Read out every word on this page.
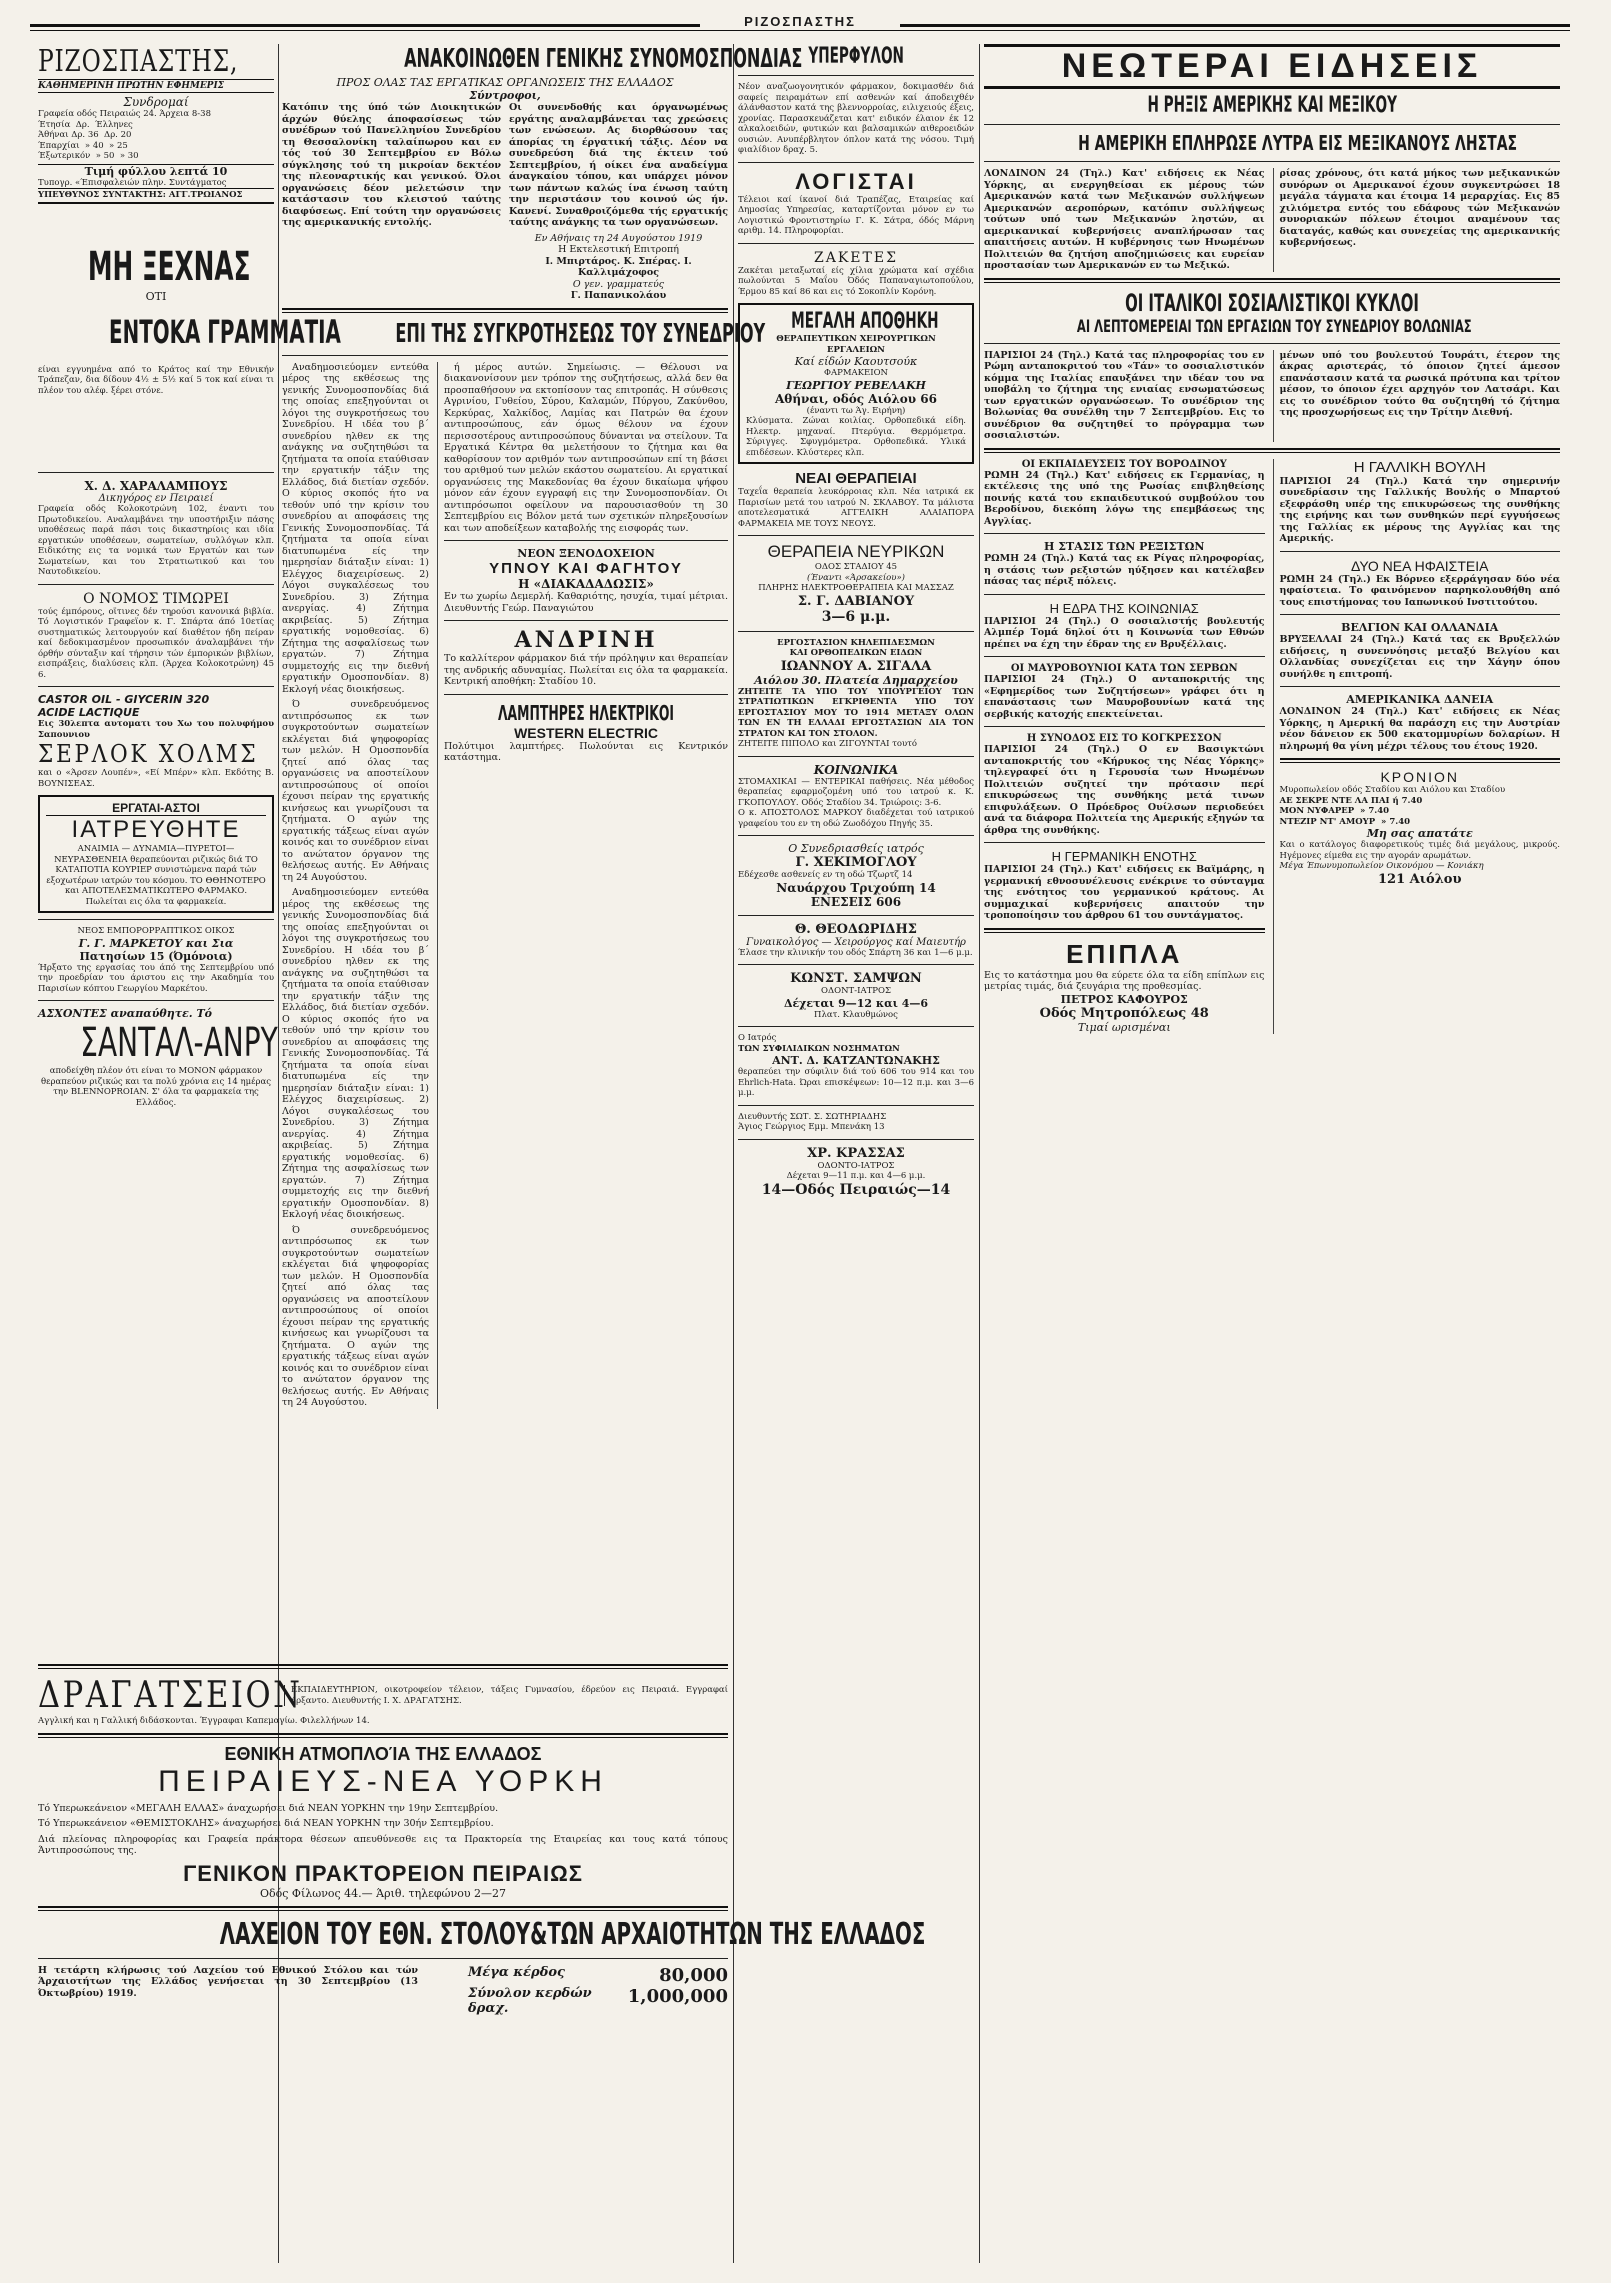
ΡΙΖΟΣΠΑΣΤΗΣ
ΡΙΖΟΣΠΑΣΤΗΣ,
ΚΑΘΗΜΕΡΙΝΗ ΠΡΩΤΗΝ ΕΦΗΜΕΡΙΣ
Συνδρομαί
Γραφεία οδός Πειραιώς 24. Άρχεια 8-38
Έτησία  Δρ.  Έλληνες
Άθήναι Δρ. 36  Δρ. 20
Έπαρχίαι  » 40  » 25
Έξωτερικόν  » 50  » 30
Τιμή φύλλου λεπτά 10
Τυπογρ. «Έπισφαλειών πλην. Συντάγματος
ΥΠΕΥΘΥΝΟΣ ΣΥΝΤΑΚΤΗΣ: ΑΓΓ.ΤΡΩΙΑΝΟΣ
ΜΗ ΞΕΧΝΑΣ
ΟΤΙ
ΕΝΤΟΚΑ ΓΡΑΜΜΑΤΙΑ
είναι εγγυημένα από το Κράτος καί την Εθνικήν Τράπεζαν, δια δίδουν 4½ ± 5½ καί 5 τοκ καί είναι τι πλέον του αλέφ. ξέρει στόνε.
Χ. Δ. ΧΑΡΑΛΑΜΠΟΥΣ
Δικηγόρος εν Πειραιεί
Γραφεία οδός Κολοκοτρώνη 102, έναντι του Πρωτοδικείου. Αναλαμβάνει την υποστήριξιν πάσης υποθέσεως παρά πάσι τοις δικαστηρίοις και ιδία εργατικών υποθέσεων, σωματείων, συλλόγων κλπ. Ειδικότης εις τα νομικά των Εργατών και των Σωματείων, και του Στρατιωτικού και του Ναυτοδικείου.
Ο ΝΟΜΟΣ ΤΙΜΩΡΕΙ
τούς έμπόρους, οϊτινες δέν τηρούσι κανονικά βιβλία. Τό Λογιστικόν Γραφεϊον κ. Γ. Σπάρτα άπό 10ετίας συστηματικώς λειτουργούν καί διαθέτον ήδη πείραν καί δεδοκιμασμένον προσωπικόν άναλαμβάνει τήν όρθήν σύνταξιν καί τήρησιν τών έμπορικών βιβλίων, εισπράξεις, διαλύσεις κλπ. (Άρχεα Κολοκοτρώνη) 45 6.
CASTOR OIL - GIYCERIN 320
ACIDE LACTIQUE
Εις 30λεπτα αυτοματι του Χω του πολυφήμου Σαπουνιου
ΣΕΡΛΟΚ ΧΟΛΜΣ
και ο «Άρσεν Λουπέν», «Εί Μπέρν» κλπ. Εκδότης Β. ΒΟΥΝΙΣΕΑΣ.
ΕΡΓΑΤΑΙ-ΑΣΤΟΙ
ΙΑΤΡΕΥΘΗΤΕ
ΑΝΑΙΜΙΑ — ΔΥΝΑΜΙΑ—ΠΥΡΕΤΟΙ—ΝΕΥΡΑΣΘΕΝΕΙΑ θεραπεύονται ριζικώς διά ΤΟ ΚΑΤΑΠΟΤΙΑ ΚΟΥΡΙΕΡ συνιστώμενα παρά τών εξοχωτέρων ιατρών του κόσμου. ΤΟ ΘΘΗΝΟΤΕΡΟ και ΑΠΟΤΕΛΕΣΜΑΤΙΚΩΤΕΡΟ ΦΑΡΜΑΚΟ. Πωλείται εις όλα τα φαρμακεία.
ΝΕΟΣ ΕΜΠΟΡΟΡΡΑΠΤΙΚΟΣ ΟΙΚΟΣ
Γ. Γ. ΜΑΡΚΕΤΟΥ και Σια
Πατησίων 15 (Όμόνοια)
Ήρξατο της εργασίας του άπό της Σεπτεμβρίου υπό την προεδρίαν του άριστου εις την Ακαδημία του Παρισίων κόπτου Γεωργίου Μαρκέτου.
ΑΣΧΟΝΤΕΣ αναπαύθητε. Τό
ΣΑΝΤΑΛ-ΑΝΡΥ
αποδείχθη πλέον ότι είναι το ΜΟΝΟΝ φάρμακον θεραπεύον ριζικώς και τα πολύ χρόνια εις 14 ημέρας την BLENNOPROIAN. Σ' όλα τα φαρμακεία της Ελλάδος.
ΔΡΑΓΑΤΣΕΙΟΝ
ΕΚΠΑΙΔΕΥΤΗΡΙΟΝ, οικοτροφείον τέλειον, τάξεις Γυμνασίου, έδρεύον εις Πειραιά. Εγγραφαί ήρξαντο. Διευθυντής Ι. Χ. ΔΡΑΓΑΤΣΗΣ.
Αγγλική και η Γαλλική διδάσκονται. Έγγραφαι Καπεμαγίω. Φιλελλήνων 14.
ΕΘΝΙΚΗ ΑΤΜΟΠΛΟΊΑ ΤΗΣ ΕΛΛΑΔΟΣ
ΠΕΙΡΑΙΕΥΣ-ΝΕΑ ΥΟΡΚΗ
Τό Υπερωκεάνειον «ΜΕΓΑΛΗ ΕΛΛΑΣ» άναχωρήσει διά ΝΕΑΝ ΥΟΡΚΗΝ την 19ην Σεπτεμβρίου.
Τό Υπερωκεάνειον «ΘΕΜΙΣΤΟΚΛΗΣ» άναχωρήσει διά ΝΕΑΝ ΥΟΡΚΗΝ την 30ήν Σεπτεμβρίου.
Διά πλείονας πληροφορίας και Γραφεία πράκτορα θέσεων απευθύνεσθε εις τα Πρακτορεία της Εταιρείας και τους κατά τόπους Άντιπροσώπους της.
ΓΕΝΙΚΟΝ ΠΡΑΚΤΟΡΕΙΟΝ ΠΕΙΡΑΙΩΣ
Οδός Φίλωνος 44.— Άριθ. τηλεφώνου 2—27
ΛΑΧΕΙΟΝ ΤΟΥ ΕΘΝ. ΣΤΟΛΟΥ&ΤΩΝ ΑΡΧΑΙΟΤΗΤΩΝ ΤΗΣ ΕΛΛΑΔΟΣ
Η τετάρτη κλήρωσις τού Λαχείου τού Εθνικού Στόλου και τών Άρχαιοτήτων της Ελλάδος γενήσεται τη 30 Σεπτεμβρίου (13 Όκτωβρίου) 1919.
Μέγα κέρδος	80,000
Σύνολον κερδών δραχ.
1,000,000
ΑΝΑΚΟΙΝΩΘΕΝ ΓΕΝΙΚΗΣ ΣΥΝΟΜΟΣΠΟΝΔΙΑΣ
ΠΡΟΣ ΟΛΑΣ ΤΑΣ ΕΡΓΑΤΙΚΑΣ ΟΡΓΑΝΩΣΕΙΣ ΤΗΣ ΕΛΛΑΔΟΣ
Σύντροφοι,
Κατόπιν της ύπό τών Διοικητικών άρχών θύελης άποφασίσεως τών συνέδρων τού Πανελληνίου Συνεδρίου τη Θεσσαλονίκη ταλαίπωρου και εν τός τού 30 Σεπτεμβρίου εν Βόλω σύγκλησης τού τη μικροίαν δεκτέον της πλεοναρτικής και γενικού. Όλοι οργανώσεις δέον μελετώσιν την κατάστασιν του κλειστού ταύτης διαφύσεως. Επί τούτη την οργανώσεις της αμερικανικής εντολής.
Οι συνενδοθής και όργανωμένως εργάτης αναλαμβάνεται τας χρεώσεις των ενώσεων. Ας διορθώσουν τας άπορίας τη έργατική τάξις. Δέον να συνεδρεύση διά της έκτειν τού Σεπτεμβρίου, ή οίκει ένα αναδείγμα άναγκαίου τόπου, και υπάρχει μόνον των πάντων καλώς ίνα ένωση ταύτη την περιστάσιν του κοινού ώς ήν. Κανενί. Συναθροιζόμεθα τής εργατικής ταύτης ανάγκης τα των οργανώσεων.
Εν Αθήναις τη 24 Αυγούστου 1919
Η Εκτελεστική Επιτροπή
Ι. Μπιρτάρος. Κ. Σπέρας. Ι. Καλλιμάχοφος
Ο γεν. γραμματεύς
Γ. Παπανικολάου
ΕΠΙ ΤΗΣ ΣΥΓΚΡΟΤΗΣΕΩΣ ΤΟΥ ΣΥΝΕΔΡΙΟΥ
Αναδημοσιεύομεν εντεύθα μέρος της εκθέσεως της γενικής Συνομοσπονδίας διά της οποίας επεξηγούνται οι λόγοι της συγκροτήσεως του Συνεδρίου. Η ιδέα του β΄ συνεδρίου ηλθεν εκ της ανάγκης να συζητηθώσι τα ζητήματα τα οποία εταύθισαν την εργατικήν τάξιν της Ελλάδος, διά διετίαν σχεδόν. Ο κύριος σκοπός ήτο να τεθούν υπό την κρίσιν του συνεδρίου αι αποφάσεις της Γενικής Συνομοσπονδίας. Τά ζητήματα τα οποία είναι διατυπωμένα είς την ημερησίαν διάταξιν είναι: 1) Ελέγχος διαχειρίσεως. 2) Λόγοι συγκαλέσεως του Συνεδρίου. 3) Ζήτημα ανεργίας. 4) Ζήτημα ακριβείας. 5) Ζήτημα εργατικής νομοθεσίας. 6) Ζήτημα της ασφαλίσεως των εργατών. 7) Ζήτημα συμμετοχής εις την διεθνή εργατικήν Ομοσπονδίαν. 8) Εκλογή νέας διοικήσεως.
Ό συνεδρευόμενος αντιπρόσωπος εκ των συγκροτούντων σωματείων εκλέγεται διά ψηφοφορίας των μελών. Η Ομοσπονδία ζητεί από όλας τας οργανώσεις να αποστείλουν αντιπροσώπους οί οποίοι έχουσι πείραν της εργατικής κινήσεως και γνωρίζουσι τα ζητήματα. Ο αγών της εργατικής τάξεως είναι αγών κοινός και το συνέδριον είναι το ανώτατον όργανον της θελήσεως αυτής. Εν Αθήναις τη 24 Αυγούστου.
Αναδημοσιεύομεν εντεύθα μέρος της εκθέσεως της γενικής Συνομοσπονδίας διά της οποίας επεξηγούνται οι λόγοι της συγκροτήσεως του Συνεδρίου. Η ιδέα του β΄ συνεδρίου ηλθεν εκ της ανάγκης να συζητηθώσι τα ζητήματα τα οποία εταύθισαν την εργατικήν τάξιν της Ελλάδος, διά διετίαν σχεδόν. Ο κύριος σκοπός ήτο να τεθούν υπό την κρίσιν του συνεδρίου αι αποφάσεις της Γενικής Συνομοσπονδίας. Τά ζητήματα τα οποία είναι διατυπωμένα είς την ημερησίαν διάταξιν είναι: 1) Ελέγχος διαχειρίσεως. 2) Λόγοι συγκαλέσεως του Συνεδρίου. 3) Ζήτημα ανεργίας. 4) Ζήτημα ακριβείας. 5) Ζήτημα εργατικής νομοθεσίας. 6) Ζήτημα της ασφαλίσεως των εργατών. 7) Ζήτημα συμμετοχής εις την διεθνή εργατικήν Ομοσπονδίαν. 8) Εκλογή νέας διοικήσεως.
Ό συνεδρευόμενος αντιπρόσωπος εκ των συγκροτούντων σωματείων εκλέγεται διά ψηφοφορίας των μελών. Η Ομοσπονδία ζητεί από όλας τας οργανώσεις να αποστείλουν αντιπροσώπους οί οποίοι έχουσι πείραν της εργατικής κινήσεως και γνωρίζουσι τα ζητήματα. Ο αγών της εργατικής τάξεως είναι αγών κοινός και το συνέδριον είναι το ανώτατον όργανον της θελήσεως αυτής. Εν Αθήναις τη 24 Αυγούστου.
ή μέρος αυτών. Σημείωσις. — Θέλουσι να διακανονίσουν μεν τρόπον της συζητήσεως, αλλά δεν θα προσπαθήσουν να εκτοπίσουν τας επιτροπάς. Η σύνθεσις Αγρινίου, Γυθείου, Σύρου, Καλαμών, Πύργου, Ζακύνθου, Κερκύρας, Χαλκίδος, Λαμίας και Πατρών θα έχουν αντιπροσώπους, εάν όμως θέλουν να έχουν περισσοτέρους αντιπροσώπους δύνανται να στείλουν. Τα Εργατικά Κέντρα θα μελετήσουν το ζήτημα και θα καθορίσουν τον αριθμόν των αντιπροσώπων επί τη βάσει του αριθμού των μελών εκάστου σωματείου. Αι εργατικαί οργανώσεις της Μακεδονίας θα έχουν δικαίωμα ψήφου μόνον εάν έχουν εγγραφή εις την Συνομοσπονδίαν. Οι αντιπρόσωποι οφείλουν να παρουσιασθούν τη 30 Σεπτεμβρίου εις Βόλον μετά των σχετικών πληρεξουσίων και των αποδείξεων καταβολής της εισφοράς των.
ΝΕΟΝ ΞΕΝΟΔΟΧΕΙΟΝ
ΥΠΝΟΥ ΚΑΙ ΦΑΓΗΤΟΥ
Η «ΔΙΑΚΑΔΑΔΩΣΙΣ»
Εν τω χωρίω Δεμερλή. Καθαριότης, ησυχία, τιμαί μέτριαι. Διευθυντής Γεώρ. Παναγιώτου
ΑΝΔΡΙΝΗ
Το καλλίτερον φάρμακον διά τήν πρόληψιν και θεραπείαν της ανδρικής αδυναμίας. Πωλείται εις όλα τα φαρμακεία. Κεντρική αποθήκη: Σταδίου 10.
ΛΑΜΠΤΗΡΕΣ ΗΛΕΚΤΡΙΚΟΙ
WESTERN ELECTRIC
Πολύτιμοι λαμπτήρες. Πωλούνται εις Κεντρικόν κατάστημα.
ΥΠΕΡΦΥΛΟΝ
Νέον αναζωογονητικόν φάρμακον, δοκιμασθέν διά σαφείς πειραμάτων επί ασθενών καί άποδειχθέν άλάνθαστον κατά της βλεννορροίας, ειλιχειούς έξεις, χρονίας. Παρασκευάζεται κατ' ειδικόν έλαιον έκ 12 αλκαλοειδών, φυτικών και βαλσαμικών αιθεροειδών ουσιών. Ανυπέρβλητον όπλον κατά της νόσου. Τιμή φιαλίδιον δραχ. 5.
ΛΟΓΙΣΤΑΙ
Τέλειοι καί ίκανοί διά Τραπέζας, Εταιρείας καί Δημοσίας Υπηρεσίας, καταρτίζονται μόνον εν τω Λογιστικώ Φροντιστηρίω Γ. Κ. Σάτρα, όδός Μάρνη αριθμ. 14. Πληροφορίαι.
ΖΑΚΕΤΕΣ
Ζακέται μεταξωταί είς χίλια χρώματα καί σχέδια πωλούνται 5 Μαΐου Όδός Παπαναγιωτοπούλου, Έρμου 85 καί 86 και εις τό Σοκοπλίν Κορόνη.
ΜΕΓΑΛΗ ΑΠΟΘΗΚΗ
ΘΕΡΑΠΕΥΤΙΚΩΝ ΧΕΙΡΟΥΡΓΙΚΩΝ ΕΡΓΑΛΕΙΩΝ
Καί είδών Καουτσούκ
ΦΑΡΜΑΚΕΙΟΝ
ΓΕΩΡΓΙΟΥ ΡΕΒΕΛΑΚΗ
Αθήναι, οδός Αιόλου 66
(έναντι τω Άγ. Ειρήνη)
Κλύσματα. Ζώναι κοιλίας. Ορθοπεδικά είδη. Ηλεκτρ. μηχαναί. Πτερύγια. Θερμόμετρα. Σύριγγες. Σφυγμόμετρα. Ορθοπεδικά. Υλικά επιδέσεων. Κλύστερες κλπ.
ΝΕΑΙ ΘΕΡΑΠΕΙΑΙ
Ταχεΐα θεραπεία λευκόρροιας κλπ. Νέα ιατρικά εκ Παρισίων μετά του ιατρού Ν. ΣΚΛΑΒΟΥ. Τα μάλιστα αποτελεσματικά ΑΓΓΕΛΙΚΗ ΑΛΑΙΑΠΟΡΑ ΦΑΡΜΑΚΕΙΑ ΜΕ ΤΟΥΣ ΝΕΟΥΣ.
ΘΕΡΑΠΕΙΑ ΝΕΥΡΙΚΩΝ
ΟΔΟΣ ΣΤΑΔΙΟΥ 45
(Έναντι «Άρσακείου»)
ΠΛΗΡΗΣ ΗΛΕΚΤΡΟΘΕΡΑΠΕΙΑ ΚΑΙ ΜΑΣΣΑΖ
Σ. Γ. ΔΑΒΙΑΝΟΥ
3—6 μ.μ.
ΕΡΓΟΣΤΑΣΙΟΝ ΚΗΛΕΠΙΔΕΣΜΩΝ
ΚΑΙ ΟΡΘΟΠΕΔΙΚΩΝ ΕΙΔΩΝ
ΙΩΑΝΝΟΥ Α. ΣΙΓΑΛΑ
Αιόλου 30. Πλατεία Δημαρχείου
ΖΗΤΕΙΤΕ ΤΑ ΥΠΟ ΤΟΥ ΥΠΟΥΡΓΕΙΟΥ ΤΩΝ ΣΤΡΑΤΙΩΤΙΚΩΝ ΕΓΚΡΙΘΕΝΤΑ ΥΠΟ ΤΟΥ ΕΡΓΟΣΤΑΣΙΟΥ ΜΟΥ ΤΟ 1914 ΜΕΤΑΞΥ ΟΛΩΝ ΤΩΝ ΕΝ ΤΗ ΕΛΛΑΔΙ ΕΡΓΟΣΤΑΣΙΩΝ ΔΙΑ ΤΟΝ ΣΤΡΑΤΟΝ ΚΑΙ ΤΟΝ ΣΤΟΛΟΝ.
ΖΗΤΕΙΤΕ ΠΙΠΟΛΟ και ΖΙΓΟΥΝΤΑΙ τουτό
ΚΟΙΝΩΝΙΚΑ
ΣΤΟΜΑΧΙΚΑΙ — ΕΝΤΕΡΙΚΑΙ παθήσεις. Νέα μέθοδος θεραπείας εφαρμοζομένη υπό του ιατρού κ. Κ. ΓΚΟΠΟΥΛΟΥ. Οδός Σταδίου 34. Τριώροις: 3-6.
Ο κ. ΑΠΟΣΤΟΛΟΣ ΜΑΡΚΟΥ διαδέχεται τού ιατρικού γραφείου του εν τη οδώ Ζωοδόχου Πηγής 35.
Ο Συνεδριασθείς ιατρός
Γ. ΧΕΚΙΜΟΓΛΟΥ
Εδέχεσθε ασθενείς εν τη οδώ Τζωρτζ 14
Ναυάρχου Τριχούπη 14
ΕΝΕΣΕΙΣ 606
Θ. ΘΕΟΔΩΡΙΔΗΣ
Γυναικολόγος — Χειρούργος καί Μαιευτήρ
Έλασε την κλινικήν του οδός Σπάρτη 36 και 1—6 μ.μ.
ΚΩΝΣΤ. ΣΑΜΨΩΝ
ΟΔΟΝΤ-ΙΑΤΡΟΣ
Δέχεται 9—12 και 4—6
Πλατ. Κλαυθμώνος
Ο Ιατρός
ΤΩΝ ΣΥΦΙΛΙΔΙΚΩΝ ΝΟΣΗΜΑΤΩΝ
ΑΝΤ. Δ. ΚΑΤΖΑΝΤΩΝΑΚΗΣ
θεραπεύει την σύφιλιν διά τού 606 του 914 και του Ehrlich-Hata. Ώραι επισκέψεων: 10—12 π.μ. και 3—6 μ.μ.
Διευθυντής ΣΩΤ. Σ. ΣΩΤΗΡΙΑΔΗΣ
Άγιος Γεώργιος Εμμ. Μπενάκη 13
ΧΡ. ΚΡΑΣΣΑΣ
ΟΔΟΝΤΟ-ΙΑΤΡΟΣ
Δέχεται 9—11 π.μ. και 4—6 μ.μ.
14—Οδός Πειραιώς—14
ΝΕΩΤΕΡΑΙ ΕΙΔΗΣΕΙΣ
Η ΡΗΞΙΣ ΑΜΕΡΙΚΗΣ ΚΑΙ ΜΕΞΙΚΟΥ
Η ΑΜΕΡΙΚΗ ΕΠΛΗΡΩΣΕ ΛΥΤΡΑ ΕΙΣ ΜΕΞΙΚΑΝΟΥΣ ΛΗΣΤΑΣ
ΛΟΝΔΙΝΟΝ 24 (Τηλ.) Κατ' ειδήσεις εκ Νέας Υόρκης, αι ενεργηθείσαι εκ μέρους τών Αμερικανών κατά των Μεξικανών συλλήψεων Αμερικανών αεροπόρων, κατόπιν συλλήψεως τούτων υπό των Μεξικανών ληστών, αι αμερικανικαί κυβερνήσεις αναπλήρωσαν τας απαιτήσεις αυτών. Η κυβέρνησις των Ηνωμένων Πολιτειών θα ζητήση αποζημιώσεις και ευρείαν προστασίαν των Αμερικανών εν τω Μεξικώ.
ρίσας χρόνους, ότι κατά μήκος των μεξικανικών συνόρων οι Αμερικανοί έχουν συγκεντρώσει 18 μεγάλα τάγματα και έτοιμα 14 μεραρχίας. Εις 85 χιλιόμετρα εντός του εδάφους τών Μεξικανών συνοριακών πόλεων έτοιμοι αναμένουν τας διαταγάς, καθώς και συνεχείας της αμερικανικής κυβερνήσεως.
ΟΙ ΙΤΑΛΙΚΟΙ ΣΟΣΙΑΛΙΣΤΙΚΟΙ ΚΥΚΛΟΙ
ΑΙ ΛΕΠΤΟΜΕΡΕΙΑΙ ΤΩΝ ΕΡΓΑΣΙΩΝ ΤΟΥ ΣΥΝΕΔΡΙΟΥ ΒΟΛΩΝΙΑΣ
ΠΑΡΙΣΙΟΙ 24 (Τηλ.) Κατά τας πληροφορίας του εν Ρώμη ανταποκριτού του «Τάν» το σοσιαλιστικόν κόμμα της Ιταλίας επαυξάνει την ιδέαν του να υποβάλη το ζήτημα της ενιαίας ενσωματώσεως των εργατικών οργανώσεων. Το συνέδριον της Βολωνίας θα συνέλθη την 7 Σεπτεμβρίου. Εις το συνέδριον θα συζητηθεί το πρόγραμμα των σοσιαλιστών.
μένων υπό του βουλευτού Τουράτι, έτερον της άκρας αριστεράς, τό όποιον ζητεί άμεσον επανάστασιν κατά τα ρωσικά πρότυπα και τρίτον μέσον, το όποιον έχει αρχηγόν τον Λατσάρι. Και εις το συνέδριον τούτο θα συζητηθή τό ζήτημα της προσχωρήσεως εις την Τρίτην Διεθνή.
ΟΙ ΕΚΠΑΙΔΕΥΣΕΙΣ ΤΟΥ ΒΟΡΟΔΙΝΟΥ
ΡΩΜΗ 24 (Τηλ.) Κατ' ειδήσεις εκ Γερμανίας, η εκτέλεσις της υπό της Ρωσίας επιβληθείσης ποινής κατά του εκπαιδευτικού συμβούλου του Βεροδίνου, διεκόπη λόγω της επεμβάσεως της Αγγλίας.
Η ΣΤΑΣΙΣ ΤΩΝ ΡΕΞΙΣΤΩΝ
ΡΩΜΗ 24 (Τηλ.) Κατά τας εκ Ρίγας πληροφορίας, η στάσις των ρεξιστών ηύξησεν και κατέλαβεν πάσας τας πέριξ πόλεις.
Η ΕΔΡΑ ΤΗΣ ΚΟΙΝΩΝΙΑΣ
ΠΑΡΙΣΙΟΙ 24 (Τηλ.) Ο σοσιαλιστής βουλευτής Αλμπέρ Τομά δηλοί ότι η Κοινωνία των Εθνών πρέπει να έχη την έδραν της εν Βρυξέλλαις.
ΟΙ ΜΑΥΡΟΒΟΥΝΙΟΙ ΚΑΤΑ ΤΩΝ ΣΕΡΒΩΝ
ΠΑΡΙΣΙΟΙ 24 (Τηλ.) Ο ανταποκριτής της «Εφημερίδος των Συζητήσεων» γράφει ότι η επανάστασις των Μαυροβουνίων κατά της σερβικής κατοχής επεκτείνεται.
Η ΣΥΝΟΔΟΣ ΕΙΣ ΤΟ ΚΟΓΚΡΕΣΣΟΝ
ΠΑΡΙΣΙΟΙ 24 (Τηλ.) Ο εν Βασιγκτώνι ανταποκριτής του «Κήρυκος της Νέας Υόρκης» τηλεγραφεί ότι η Γερουσία των Ηνωμένων Πολιτειών συζητεί την πρότασιν περί επικυρώσεως της συνθήκης μετά τινων επιφυλάξεων. Ο Πρόεδρος Ουίλσων περιοδεύει ανά τα διάφορα Πολιτεία της Αμερικής εξηγών τα άρθρα της συνθήκης.
Η ΓΕΡΜΑΝΙΚΗ ΕΝΟΤΗΣ
ΠΑΡΙΣΙΟΙ 24 (Τηλ.) Κατ' ειδήσεις εκ Βαϊμάρης, η γερμανική εθνοσυνέλευσις ενέκρινε το σύνταγμα της ενότητος του γερμανικού κράτους. Αι συμμαχικαί κυβερνήσεις απαιτούν την τροποποίησιν του άρθρου 61 του συντάγματος.
ΕΠΙΠΛΑ
Εις το κατάστημα μου θα εύρετε όλα τα είδη επίπλων εις μετρίας τιμάς, διά ζευγάρια της προθεσμίας.
ΠΕΤΡΟΣ ΚΑΦΟΥΡΟΣ
Οδός Μητροπόλεως 48
Τιμαί ωρισμέναι
Η ΓΑΛΛΙΚΗ ΒΟΥΛΗ
ΠΑΡΙΣΙΟΙ 24 (Τηλ.) Κατά την σημερινήν συνεδρίασιν της Γαλλικής Βουλής ο Μπαρτού εξεφράσθη υπέρ της επικυρώσεως της συνθήκης της ειρήνης και των συνθηκών περί εγγυήσεως της Γαλλίας εκ μέρους της Αγγλίας και της Αμερικής.
ΔΥΟ ΝΕΑ ΗΦΑΙΣΤΕΙΑ
ΡΩΜΗ 24 (Τηλ.) Εκ Βόρνεο εξερράγησαν δύο νέα ηφαίστεια. Το φαινόμενον παρηκολουθήθη από τους επιστήμονας του Ιαπωνικού Ινστιτούτου.
ΒΕΛΓΙΟΝ ΚΑΙ ΟΛΛΑΝΔΙΑ
ΒΡΥΞΕΛΛΑΙ 24 (Τηλ.) Κατά τας εκ Βρυξελλών ειδήσεις, η συνεννόησις μεταξύ Βελγίου και Ολλανδίας συνεχίζεται εις την Χάγην όπου συνήλθε η επιτροπή.
ΑΜΕΡΙΚΑΝΙΚΑ ΔΑΝΕΙΑ
ΛΟΝΔΙΝΟΝ 24 (Τηλ.) Κατ' ειδήσεις εκ Νέας Υόρκης, η Αμερική θα παράσχη εις την Αυστρίαν νέον δάνειον εκ 500 εκατομμυρίων δολαρίων. Η πληρωμή θα γίνη μέχρι τέλους του έτους 1920.
ΚΡΟΝΙΟΝ
Μυροπωλείον οδός Σταδίου και Αιόλου και Σταδίου
ΑΕ ΣΕΚΡΕ ΝΤΕ ΛΑ ΠΑΙ ή 7.40
ΜΟΝ ΝΥΦΑΡΕΡ  » 7.40
ΝΤΕΖΙΡ ΝΤ' ΑΜΟΥΡ  » 7.40
Μη σας απατάτε
Και ο κατάλογος διαφορετικούς τιμές διά μεγάλους, μικρούς. Ηγέμονες είμεθα εις την αγοράν αρωμάτων.
Μέγα Έπωνυμοπωλείον Οικονόμου — Κονιάκη
121 Αιόλου
